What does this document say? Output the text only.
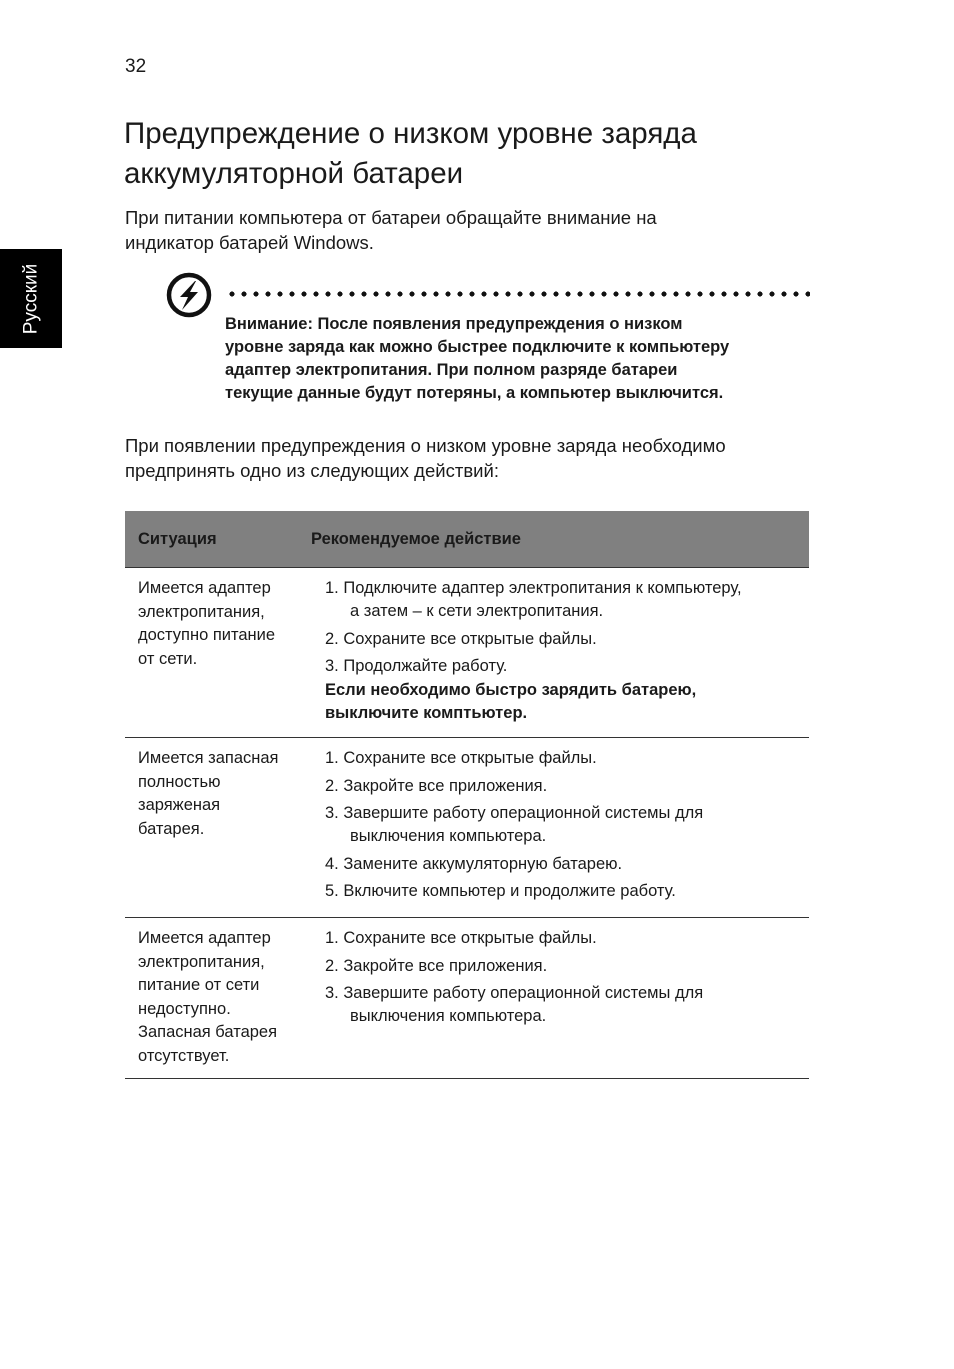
32
Русский
Предупреждение о низком уровне заряда
аккумуляторной батареи

При питании компьютера от батареи обращайте внимание на
индикатор батарей Windows.

Внимание: После появления предупреждения о низком
уровне заряда как можно быстрее подключите к компьютеру
адаптер электропитания. При полном разряде батареи
текущие данные будут потеряны, а компьютер выключится.

При появлении предупреждения о низком уровне заряда необходимо
предпринять одно из следующих действий:

Ситуация	Рекомендуемое действие
Имеется адаптер
электропитания,
доступно питание
от сети.
1. Подключите адаптер электропитания к компьютеру,
а затем – к сети электропитания.
2. Сохраните все открытые файлы.
3. Продолжайте работу.
Если необходимо быстро зарядить батарею,
выключите комптьютер.
Имеется запасная
полностью
заряженая
батарея.
1. Сохраните все открытые файлы.
2. Закройте все приложения.
3. Завершите работу операционной системы для
выключения компьютера.
4. Замените аккумуляторную батарею.
5. Включите компьютер и продолжите работу.
Имеется адаптер
электропитания,
питание от сети
недоступно.
Запасная батарея
отсутствует.
1. Сохраните все открытые файлы.
2. Закройте все приложения.
3. Завершите работу операционной системы для
выключения компьютера.
